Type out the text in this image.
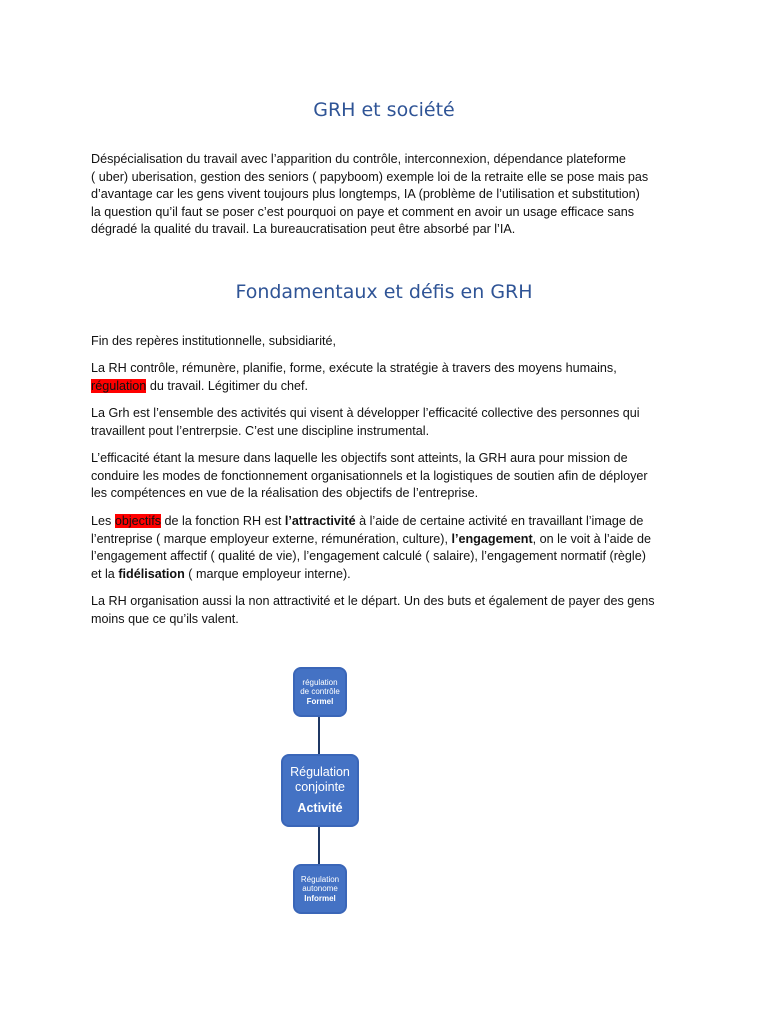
GRH et société
Déspécialisation du travail avec l’apparition du contrôle, interconnexion, dépendance plateforme
( uber) uberisation, gestion des seniors ( papyboom) exemple loi de la retraite elle se pose mais pas
d’avantage car les gens vivent toujours plus longtemps, IA (problème de l’utilisation et substitution)
la question qu’il faut se poser c’est pourquoi on paye et comment en avoir un usage efficace sans
dégradé la qualité du travail. La bureaucratisation peut être absorbé par l’IA.
Fondamentaux et défis en GRH
Fin des repères institutionnelle, subsidiarité,
La RH contrôle, rémunère, planifie, forme, exécute la stratégie à travers des moyens humains,
régulation du travail. Légitimer du chef.
La Grh est l’ensemble des activités qui visent à développer l’efficacité collective des personnes qui
travaillent pout l’entrerpsie. C’est une discipline instrumental.
L’efficacité étant la mesure dans laquelle les objectifs sont atteints, la GRH aura pour mission de
conduire les modes de fonctionnement organisationnels et la logistiques de soutien afin de déployer
les compétences en vue de la réalisation des objectifs de l’entreprise.
Les objectifs de la fonction RH est l’attractivité à l’aide de certaine activité en travaillant l’image de
l’entreprise ( marque employeur externe, rémunération, culture), l’engagement, on le voit à l’aide de
l’engagement affectif ( qualité de vie), l’engagement calculé ( salaire), l’engagement normatif (règle)
et la fidélisation ( marque employeur interne).
La RH organisation aussi la non attractivité et le départ. Un des buts et également de payer des gens
moins que ce qu’ils valent.
régulation
de contrôle
Formel
Régulation
conjointe
Activité
Régulation
autonome
Informel
